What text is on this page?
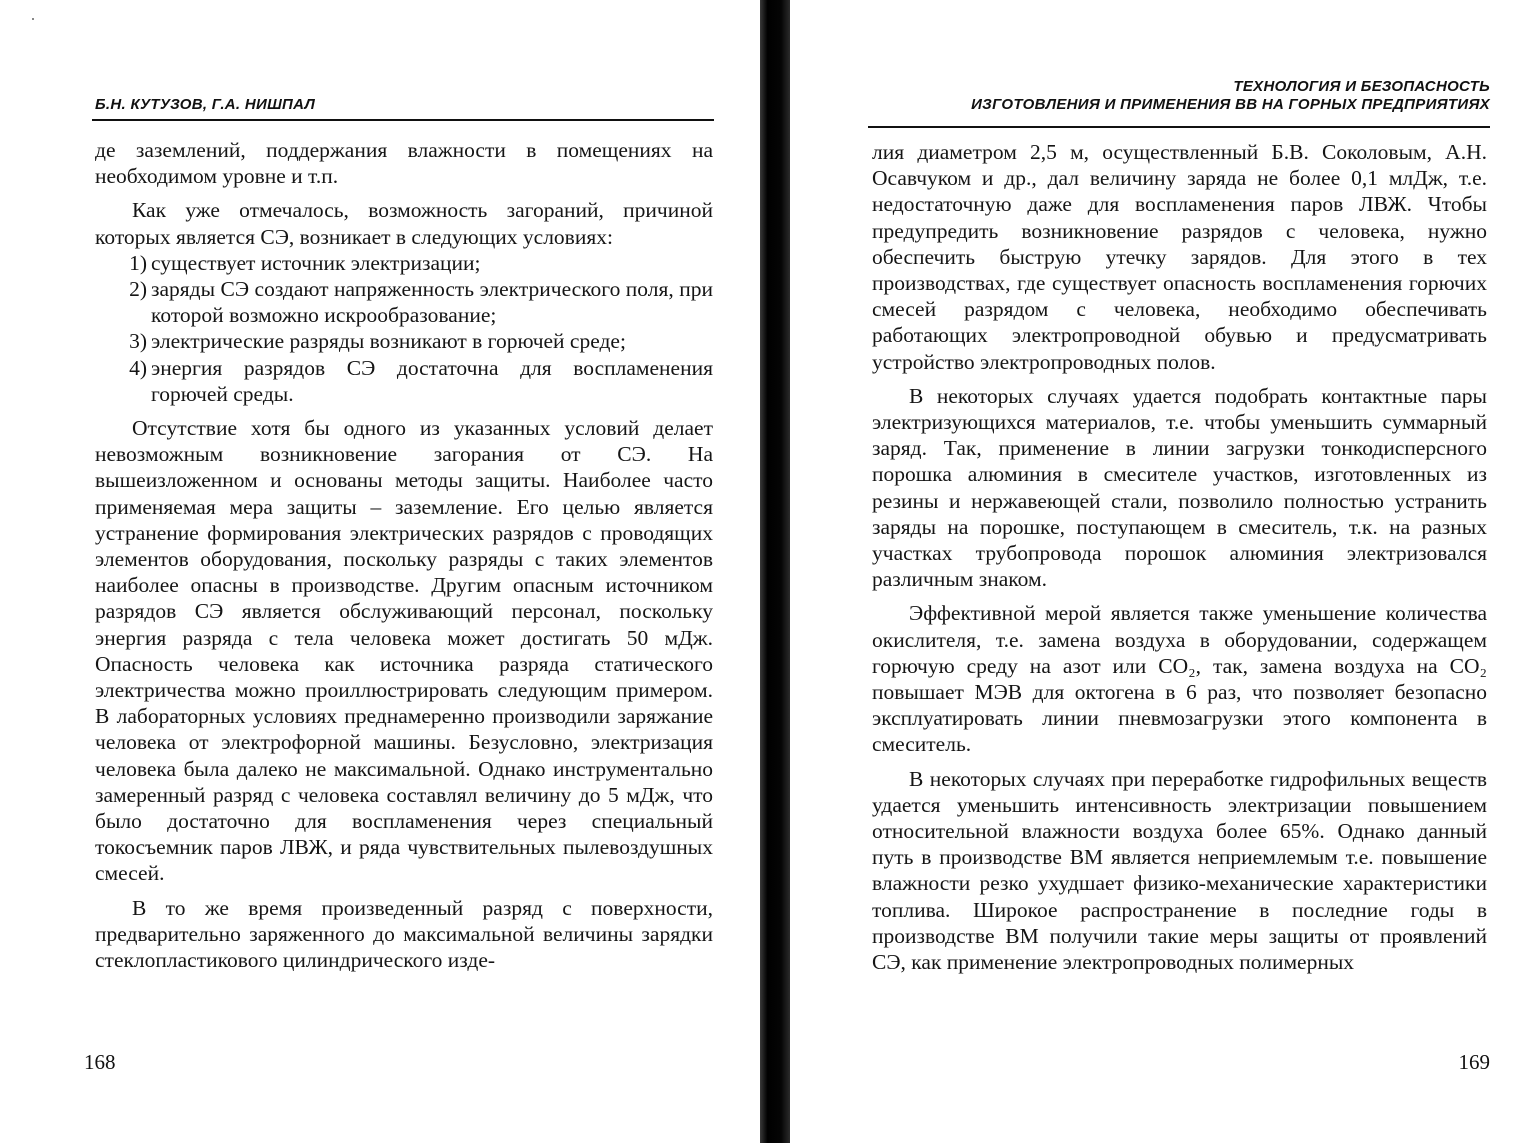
Б.Н. КУТУЗОВ, Г.А. НИШПАЛ

де заземлений, поддержания влажности в помещениях на необходимом уровне и т.п.

Как уже отмечалось, возможность загораний, причиной которых является СЭ, возникает в следующих условиях:

1) существует источник электризации;
2) заряды СЭ создают напряженность электрического поля, при которой возможно искрообразование;
3) электрические разряды возникают в горючей среде;
4) энергия разрядов СЭ достаточна для воспламенения горючей среды.

Отсутствие хотя бы одного из указанных условий делает невозможным возникновение загорания от СЭ. На вышеизложенном и основаны методы защиты. Наиболее часто применяемая мера защиты – заземление. Его целью является устранение формирования электрических разрядов с проводящих элементов оборудования, поскольку разряды с таких элементов наиболее опасны в производстве. Другим опасным источником разрядов СЭ является обслуживающий персонал, поскольку энергия разряда с тела человека может достигать 50 мДж. Опасность человека как источника разряда статического электричества можно проиллюстрировать следующим примером. В лабораторных условиях преднамеренно производили заряжание человека от электрофорной машины. Безусловно, электризация человека была далеко не максимальной. Однако инструментально замеренный разряд с человека составлял величину до 5 мДж, что было достаточно для воспламенения через специальный токосъемник паров ЛВЖ, и ряда чувствительных пылевоздушных смесей.

В то же время произведенный разряд с поверхности, предварительно заряженного до максимальной величины зарядки стеклопластикового цилиндрического изде-

168
ТЕХНОЛОГИЯ И БЕЗОПАСНОСТЬ
ИЗГОТОВЛЕНИЯ И ПРИМЕНЕНИЯ ВВ НА ГОРНЫХ ПРЕДПРИЯТИЯХ

лия диаметром 2,5 м, осуществленный Б.В. Соколовым, А.Н. Осавчуком и др., дал величину заряда не более 0,1 млДж, т.е. недостаточную даже для воспламенения паров ЛВЖ. Чтобы предупредить возникновение разрядов с человека, нужно обеспечить быструю утечку зарядов. Для этого в тех производствах, где существует опасность воспламенения горючих смесей разрядом с человека, необходимо обеспечивать работающих электропроводной обувью и предусматривать устройство электропроводных полов.

В некоторых случаях удается подобрать контактные пары электризующихся материалов, т.е. чтобы уменьшить суммарный заряд. Так, применение в линии загрузки тонкодисперсного порошка алюминия в смесителе участков, изготовленных из резины и нержавеющей стали, позволило полностью устранить заряды на порошке, поступающем в смеситель, т.к. на разных участках трубопровода порошок алюминия электризовался различным знаком.

Эффективной мерой является также уменьшение количества окислителя, т.е. замена воздуха в оборудовании, содержащем горючую среду на азот или CO₂, так, замена воздуха на CO₂ повышает МЭВ для октогена в 6 раз, что позволяет безопасно эксплуатировать линии пневмозагрузки этого компонента в смеситель.

В некоторых случаях при переработке гидрофильных веществ удается уменьшить интенсивность электризации повышением относительной влажности воздуха более 65%. Однако данный путь в производстве ВМ является неприемлемым т.е. повышение влажности резко ухудшает физико-механические характеристики топлива. Широкое распространение в последние годы в производстве ВМ получили такие меры защиты от проявлений СЭ, как применение электропроводных полимерных

169
